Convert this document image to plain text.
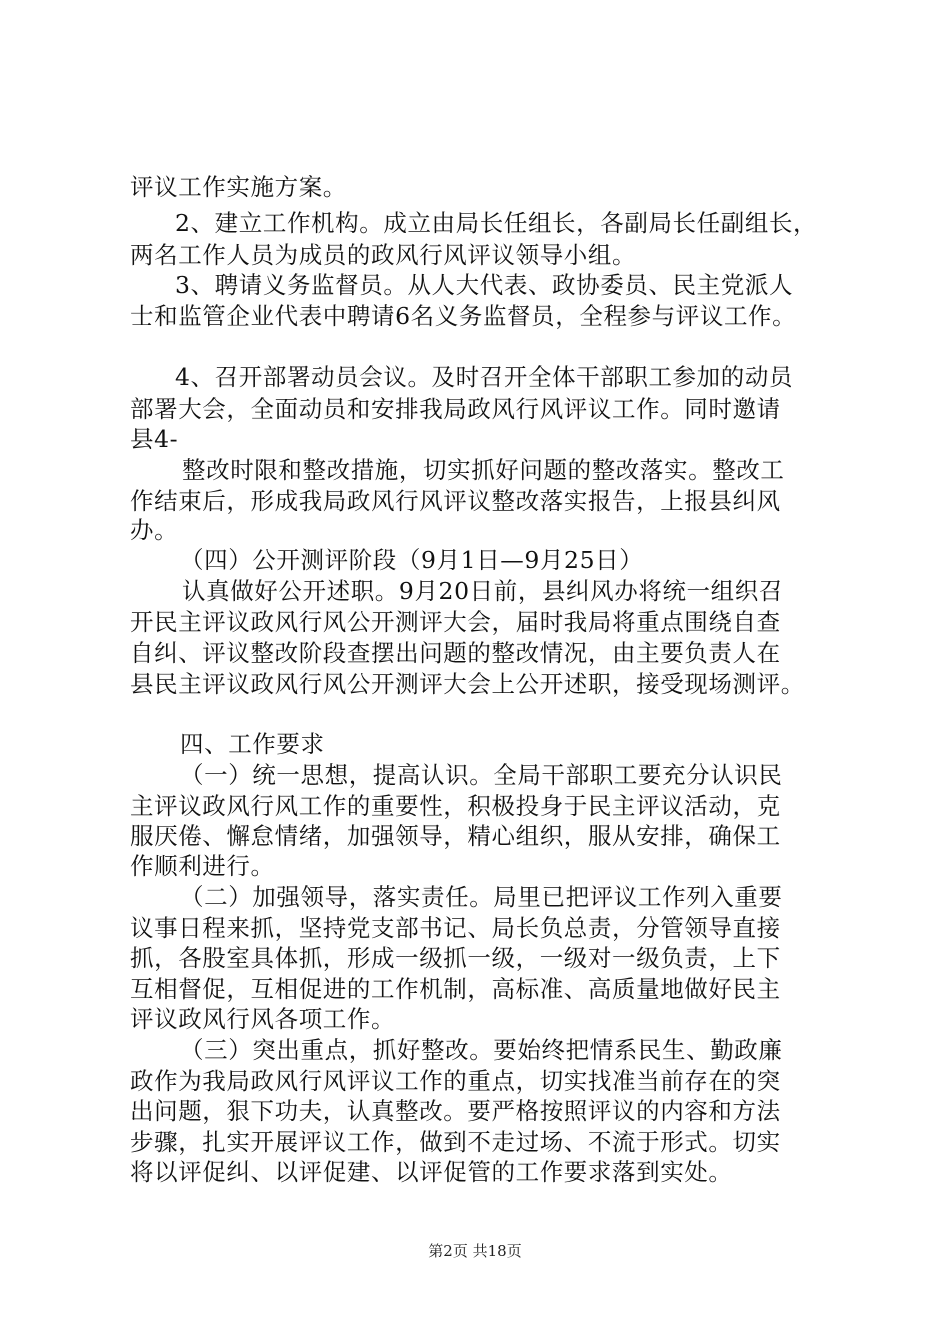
评议工作实施方案。
2、建立工作机构。成立由局长任组长，各副局长任副组长，
两名工作人员为成员的政风行风评议领导小组。
3、聘请义务监督员。从人大代表、政协委员、民主党派人
士和监管企业代表中聘请6名义务监督员，全程参与评议工作。
4、召开部署动员会议。及时召开全体干部职工参加的动员
部署大会，全面动员和安排我局政风行风评议工作。同时邀请
县4-
整改时限和整改措施，切实抓好问题的整改落实。整改工
作结束后，形成我局政风行风评议整改落实报告，上报县纠风
办。
（四）公开测评阶段（9月1日—9月25日）
认真做好公开述职。9月20日前，县纠风办将统一组织召
开民主评议政风行风公开测评大会，届时我局将重点围绕自查
自纠、评议整改阶段查摆出问题的整改情况，由主要负责人在
县民主评议政风行风公开测评大会上公开述职，接受现场测评。
四、工作要求
（一）统一思想，提高认识。全局干部职工要充分认识民
主评议政风行风工作的重要性，积极投身于民主评议活动，克
服厌倦、懈怠情绪，加强领导，精心组织，服从安排，确保工
作顺利进行。
（二）加强领导，落实责任。局里已把评议工作列入重要
议事日程来抓，坚持党支部书记、局长负总责，分管领导直接
抓，各股室具体抓，形成一级抓一级，一级对一级负责，上下
互相督促，互相促进的工作机制，高标准、高质量地做好民主
评议政风行风各项工作。
（三）突出重点，抓好整改。要始终把情系民生、勤政廉
政作为我局政风行风评议工作的重点，切实找准当前存在的突
出问题，狠下功夫，认真整改。要严格按照评议的内容和方法
步骤，扎实开展评议工作，做到不走过场、不流于形式。切实
将以评促纠、以评促建、以评促管的工作要求落到实处。
第2页 共18页
